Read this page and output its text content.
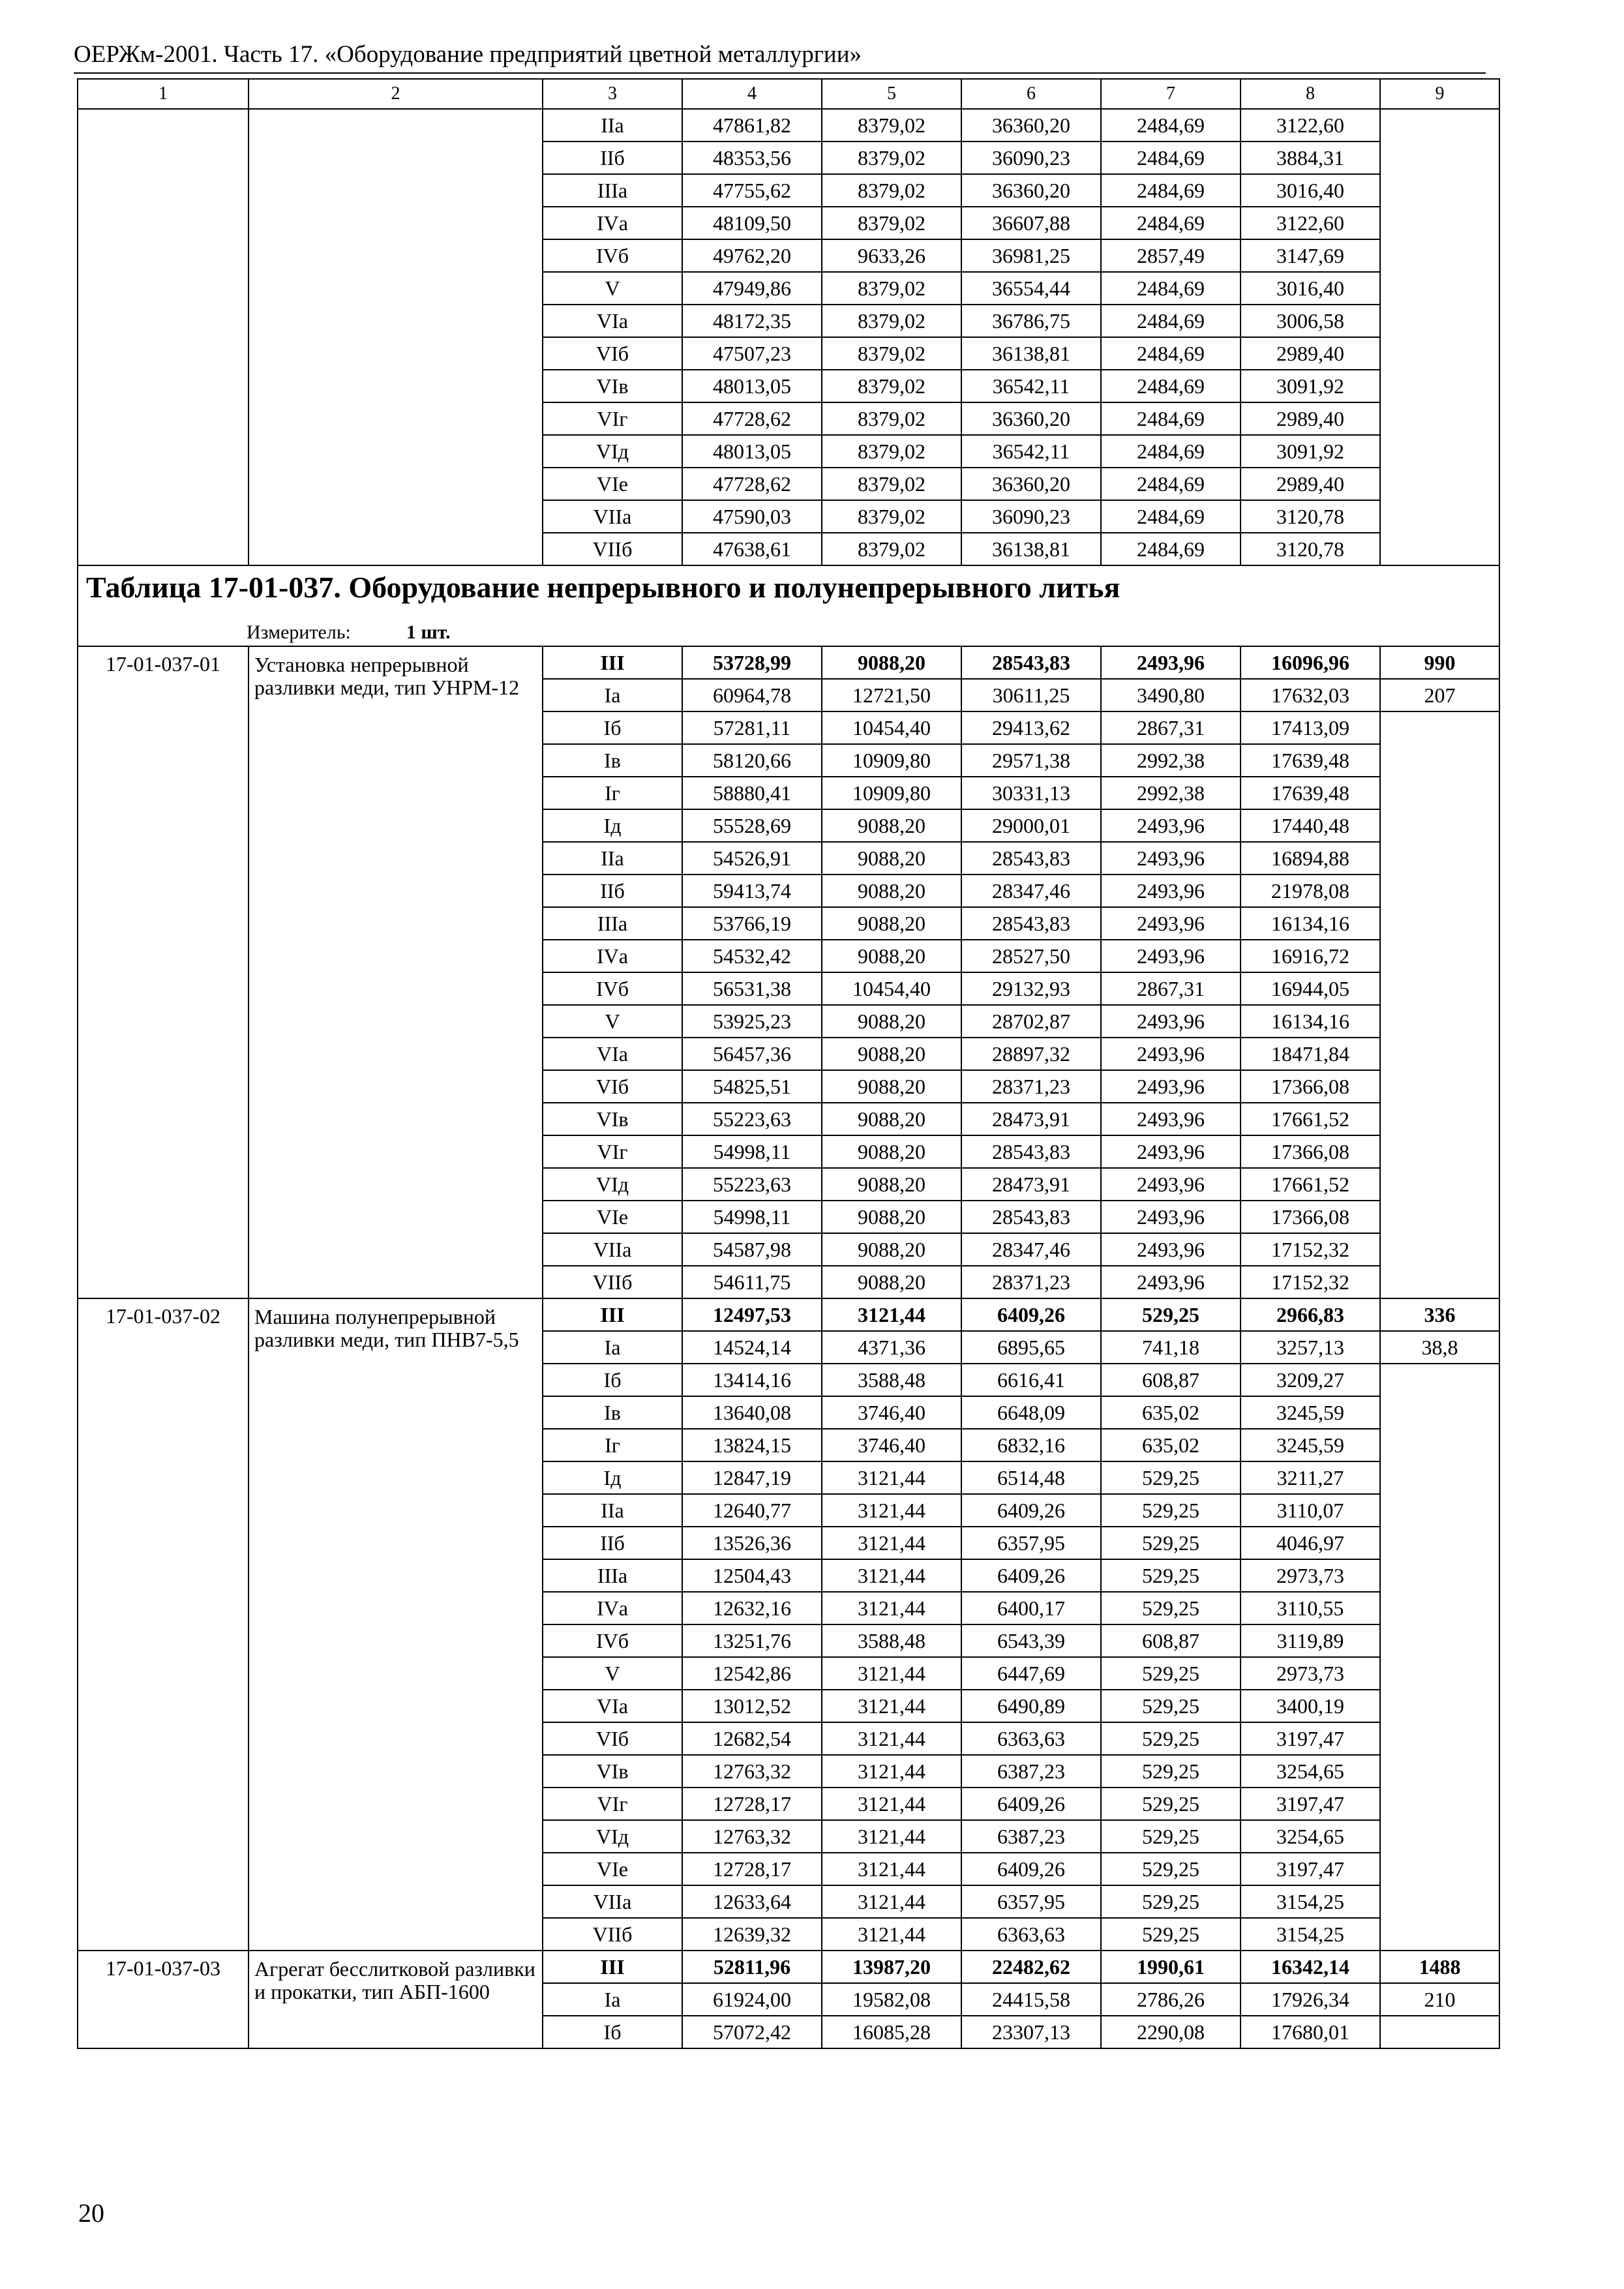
ОЕРЖм-2001. Часть 17. «Оборудование предприятий цветной металлургии»
1	2	3	4	5	6	7	8	9
		IIа	47861,82	8379,02	36360,20	2484,69	3122,60	
		IIб	48353,56	8379,02	36090,23	2484,69	3884,31	
		IIIа	47755,62	8379,02	36360,20	2484,69	3016,40	
		IVа	48109,50	8379,02	36607,88	2484,69	3122,60	
		IVб	49762,20	9633,26	36981,25	2857,49	3147,69	
		V	47949,86	8379,02	36554,44	2484,69	3016,40	
		VIа	48172,35	8379,02	36786,75	2484,69	3006,58	
		VIб	47507,23	8379,02	36138,81	2484,69	2989,40	
		VIв	48013,05	8379,02	36542,11	2484,69	3091,92	
		VIг	47728,62	8379,02	36360,20	2484,69	2989,40	
		VIд	48013,05	8379,02	36542,11	2484,69	3091,92	
		VIе	47728,62	8379,02	36360,20	2484,69	2989,40	
		VIIа	47590,03	8379,02	36090,23	2484,69	3120,78	
		VIIб	47638,61	8379,02	36138,81	2484,69	3120,78	
Таблица 17-01-037. Оборудование непрерывного и полунепрерывного литья								
Измеритель: 1 шт.								
17-01-037-01	Установка непрерывной разливки меди, тип УНРМ-12	III	53728,99	9088,20	28543,83	2493,96	16096,96	990
		Iа	60964,78	12721,50	30611,25	3490,80	17632,03	207
		Iб	57281,11	10454,40	29413,62	2867,31	17413,09	
		Iв	58120,66	10909,80	29571,38	2992,38	17639,48	
		Iг	58880,41	10909,80	30331,13	2992,38	17639,48	
		Iд	55528,69	9088,20	29000,01	2493,96	17440,48	
		IIа	54526,91	9088,20	28543,83	2493,96	16894,88	
		IIб	59413,74	9088,20	28347,46	2493,96	21978,08	
		IIIа	53766,19	9088,20	28543,83	2493,96	16134,16	
		IVа	54532,42	9088,20	28527,50	2493,96	16916,72	
		IVб	56531,38	10454,40	29132,93	2867,31	16944,05	
		V	53925,23	9088,20	28702,87	2493,96	16134,16	
		VIа	56457,36	9088,20	28897,32	2493,96	18471,84	
		VIб	54825,51	9088,20	28371,23	2493,96	17366,08	
		VIв	55223,63	9088,20	28473,91	2493,96	17661,52	
		VIг	54998,11	9088,20	28543,83	2493,96	17366,08	
		VIд	55223,63	9088,20	28473,91	2493,96	17661,52	
		VIе	54998,11	9088,20	28543,83	2493,96	17366,08	
		VIIа	54587,98	9088,20	28347,46	2493,96	17152,32	
		VIIб	54611,75	9088,20	28371,23	2493,96	17152,32	
17-01-037-02	Машина полунепрерывной разливки меди, тип ПНВ7-5,5	III	12497,53	3121,44	6409,26	529,25	2966,83	336
		Iа	14524,14	4371,36	6895,65	741,18	3257,13	38,8
		Iб	13414,16	3588,48	6616,41	608,87	3209,27	
		Iв	13640,08	3746,40	6648,09	635,02	3245,59	
		Iг	13824,15	3746,40	6832,16	635,02	3245,59	
		Iд	12847,19	3121,44	6514,48	529,25	3211,27	
		IIа	12640,77	3121,44	6409,26	529,25	3110,07	
		IIб	13526,36	3121,44	6357,95	529,25	4046,97	
		IIIа	12504,43	3121,44	6409,26	529,25	2973,73	
		IVа	12632,16	3121,44	6400,17	529,25	3110,55	
		IVб	13251,76	3588,48	6543,39	608,87	3119,89	
		V	12542,86	3121,44	6447,69	529,25	2973,73	
		VIа	13012,52	3121,44	6490,89	529,25	3400,19	
		VIб	12682,54	3121,44	6363,63	529,25	3197,47	
		VIв	12763,32	3121,44	6387,23	529,25	3254,65	
		VIг	12728,17	3121,44	6409,26	529,25	3197,47	
		VIд	12763,32	3121,44	6387,23	529,25	3254,65	
		VIе	12728,17	3121,44	6409,26	529,25	3197,47	
		VIIа	12633,64	3121,44	6357,95	529,25	3154,25	
		VIIб	12639,32	3121,44	6363,63	529,25	3154,25	
17-01-037-03	Агрегат бесслитковой разливки и прокатки, тип АБП-1600	III	52811,96	13987,20	22482,62	1990,61	16342,14	1488
		Iа	61924,00	19582,08	24415,58	2786,26	17926,34	210
		Iб	57072,42	16085,28	23307,13	2290,08	17680,01	
20
